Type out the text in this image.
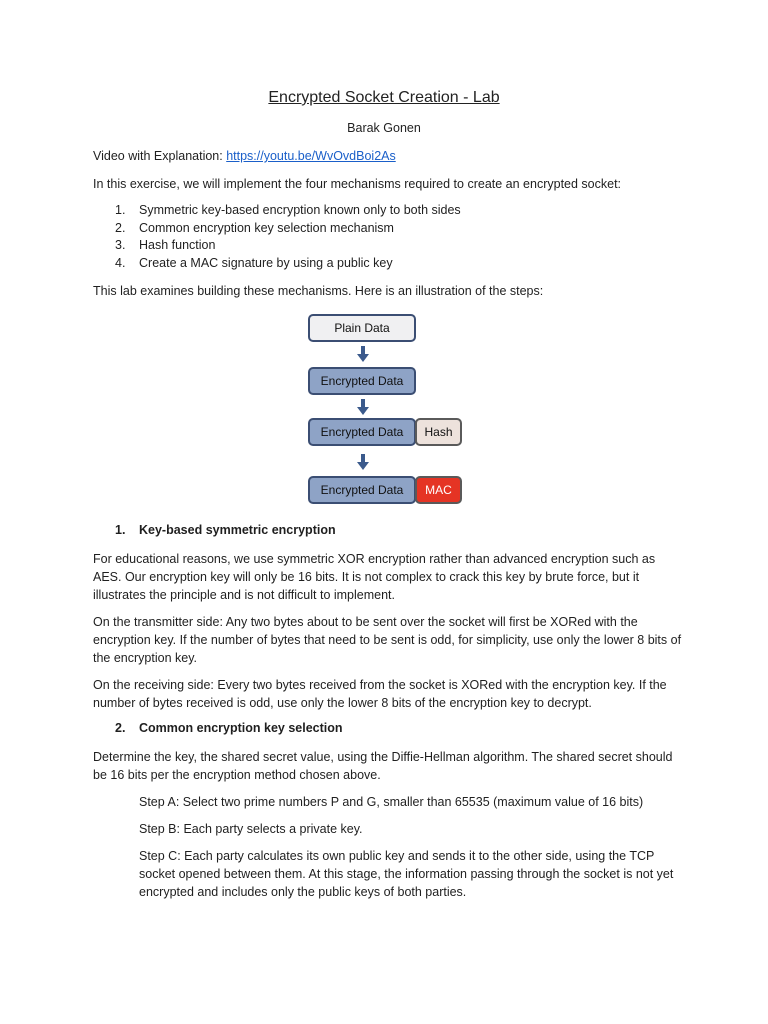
Encrypted Socket Creation - Lab
Barak Gonen
Video with Explanation: https://youtu.be/WvOvdBoi2As
In this exercise, we will implement the four mechanisms required to create an encrypted socket:
1.	Symmetric key-based encryption known only to both sides
2.	Common encryption key selection mechanism
3.	Hash function
4.	Create a MAC signature by using a public key
This lab examines building these mechanisms. Here is an illustration of the steps:
Plain Data
Encrypted Data
Encrypted Data	Hash
Encrypted Data	MAC
1.	Key-based symmetric encryption
For educational reasons, we use symmetric XOR encryption rather than advanced encryption such as AES. Our encryption key will only be 16 bits. It is not complex to crack this key by brute force, but it illustrates the principle and is not difficult to implement.
On the transmitter side: Any two bytes about to be sent over the socket will first be XORed with the encryption key. If the number of bytes that need to be sent is odd, for simplicity, use only the lower 8 bits of the encryption key.
On the receiving side: Every two bytes received from the socket is XORed with the encryption key. If the number of bytes received is odd, use only the lower 8 bits of the encryption key to decrypt.
2.	Common encryption key selection
Determine the key, the shared secret value, using the Diffie-Hellman algorithm. The shared secret should be 16 bits per the encryption method chosen above.
Step A: Select two prime numbers P and G, smaller than 65535 (maximum value of 16 bits)
Step B: Each party selects a private key.
Step C: Each party calculates its own public key and sends it to the other side, using the TCP socket opened between them. At this stage, the information passing through the socket is not yet encrypted and includes only the public keys of both parties.
